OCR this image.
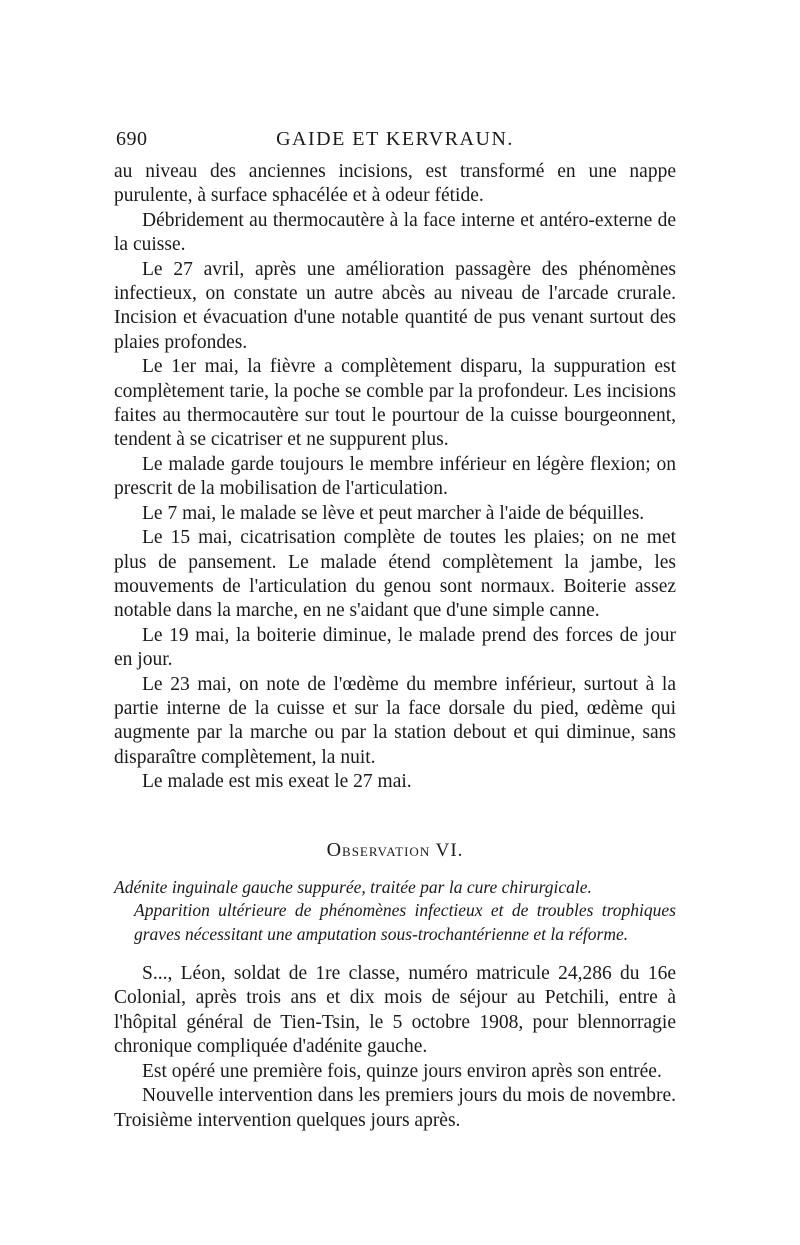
690	GAIDE ET KERVRAUN.

au niveau des anciennes incisions, est transformé en une nappe purulente, à surface sphacélée et à odeur fétide.

Débridement au thermocautère à la face interne et antéro-externe de la cuisse.

Le 27 avril, après une amélioration passagère des phénomènes infectieux, on constate un autre abcès au niveau de l'arcade crurale. Incision et évacuation d'une notable quantité de pus venant surtout des plaies profondes.

Le 1er mai, la fièvre a complètement disparu, la suppuration est complètement tarie, la poche se comble par la profondeur. Les incisions faites au thermocautère sur tout le pourtour de la cuisse bourgeonnent, tendent à se cicatriser et ne suppurent plus.

Le malade garde toujours le membre inférieur en légère flexion; on prescrit de la mobilisation de l'articulation.

Le 7 mai, le malade se lève et peut marcher à l'aide de béquilles.

Le 15 mai, cicatrisation complète de toutes les plaies; on ne met plus de pansement. Le malade étend complètement la jambe, les mouvements de l'articulation du genou sont normaux. Boiterie assez notable dans la marche, en ne s'aidant que d'une simple canne.

Le 19 mai, la boiterie diminue, le malade prend des forces de jour en jour.

Le 23 mai, on note de l'œdème du membre inférieur, surtout à la partie interne de la cuisse et sur la face dorsale du pied, œdème qui augmente par la marche ou par la station debout et qui diminue, sans disparaître complètement, la nuit.

Le malade est mis exeat le 27 mai.

Observation VI.
Adénite inguinale gauche suppurée, traitée par la cure chirurgicale.
Apparition ultérieure de phénomènes infectieux et de troubles trophiques graves nécessitant une amputation sous-trochantérienne et la réforme.

S..., Léon, soldat de 1re classe, numéro matricule 24,286 du 16e Colonial, après trois ans et dix mois de séjour au Petchili, entre à l'hôpital général de Tien-Tsin, le 5 octobre 1908, pour blennorragie chronique compliquée d'adénite gauche.

Est opéré une première fois, quinze jours environ après son entrée.

Nouvelle intervention dans les premiers jours du mois de novembre. Troisième intervention quelques jours après.
